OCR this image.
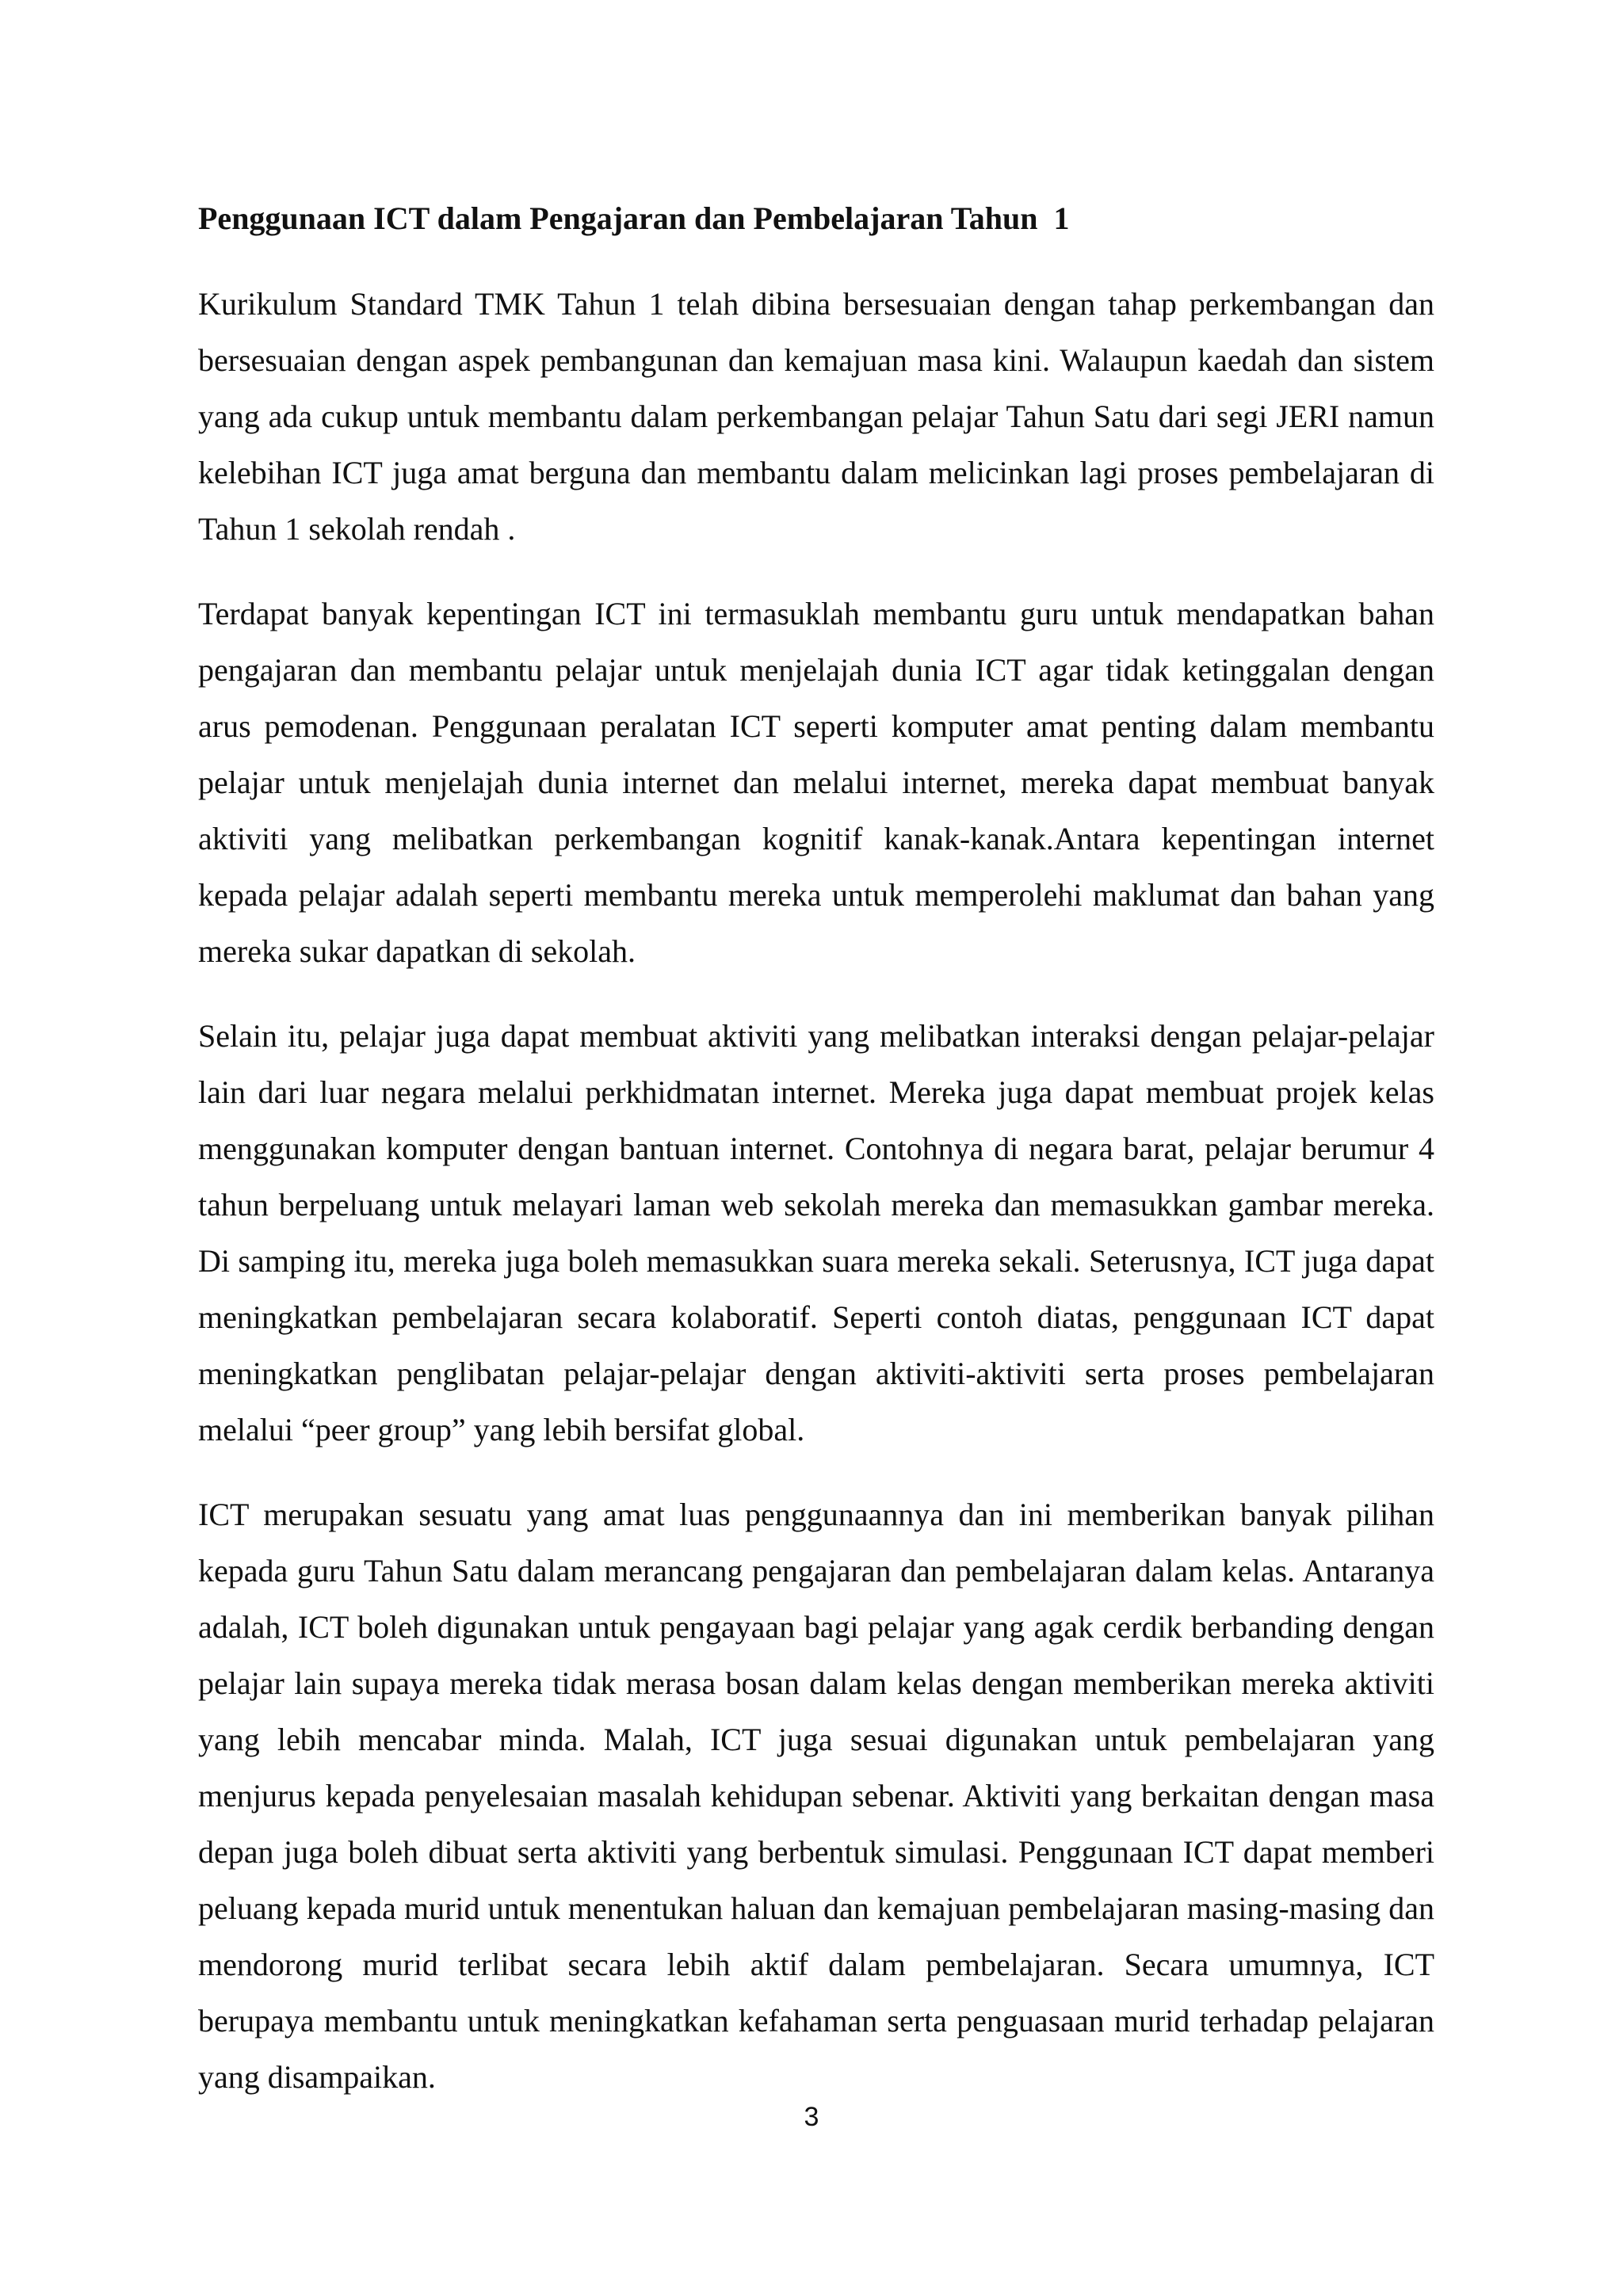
Penggunaan ICT dalam Pengajaran dan Pembelajaran Tahun  1

Kurikulum Standard TMK Tahun 1 telah dibina bersesuaian dengan tahap perkembangan dan bersesuaian dengan aspek pembangunan dan kemajuan masa kini. Walaupun kaedah dan sistem yang ada cukup untuk membantu dalam perkembangan pelajar Tahun Satu dari segi JERI namun kelebihan ICT juga amat berguna dan membantu dalam melicinkan lagi proses pembelajaran di Tahun 1 sekolah rendah .

Terdapat banyak kepentingan ICT ini termasuklah membantu guru untuk mendapatkan bahan pengajaran dan membantu pelajar untuk menjelajah dunia ICT agar tidak ketinggalan dengan arus pemodenan. Penggunaan peralatan ICT seperti komputer amat penting dalam membantu pelajar untuk menjelajah dunia internet dan melalui internet, mereka dapat membuat banyak aktiviti yang melibatkan perkembangan kognitif kanak-kanak.Antara kepentingan internet kepada pelajar adalah seperti membantu mereka untuk memperolehi maklumat dan bahan yang mereka sukar dapatkan di sekolah.

Selain itu, pelajar juga dapat membuat aktiviti yang melibatkan interaksi dengan pelajar-pelajar lain dari luar negara melalui perkhidmatan internet. Mereka juga dapat membuat projek kelas menggunakan komputer dengan bantuan internet. Contohnya di negara barat, pelajar berumur 4 tahun berpeluang untuk melayari laman web sekolah mereka dan memasukkan gambar mereka. Di samping itu, mereka juga boleh memasukkan suara mereka sekali. Seterusnya, ICT juga dapat meningkatkan pembelajaran secara kolaboratif. Seperti contoh diatas, penggunaan ICT dapat meningkatkan penglibatan pelajar-pelajar dengan aktiviti-aktiviti serta proses pembelajaran melalui “peer group” yang lebih bersifat global.

ICT merupakan sesuatu yang amat luas penggunaannya dan ini memberikan banyak pilihan kepada guru Tahun Satu dalam merancang pengajaran dan pembelajaran dalam kelas. Antaranya adalah, ICT boleh digunakan untuk pengayaan bagi pelajar yang agak cerdik berbanding dengan pelajar lain supaya mereka tidak merasa bosan dalam kelas dengan memberikan mereka aktiviti yang lebih mencabar minda. Malah, ICT juga sesuai digunakan untuk pembelajaran yang menjurus kepada penyelesaian masalah kehidupan sebenar. Aktiviti yang berkaitan dengan masa depan juga boleh dibuat serta aktiviti yang berbentuk simulasi. Penggunaan ICT dapat memberi peluang kepada murid untuk menentukan haluan dan kemajuan pembelajaran masing-masing dan mendorong murid terlibat secara lebih aktif dalam pembelajaran. Secara umumnya, ICT berupaya membantu untuk meningkatkan kefahaman serta penguasaan murid terhadap pelajaran yang disampaikan.

3
